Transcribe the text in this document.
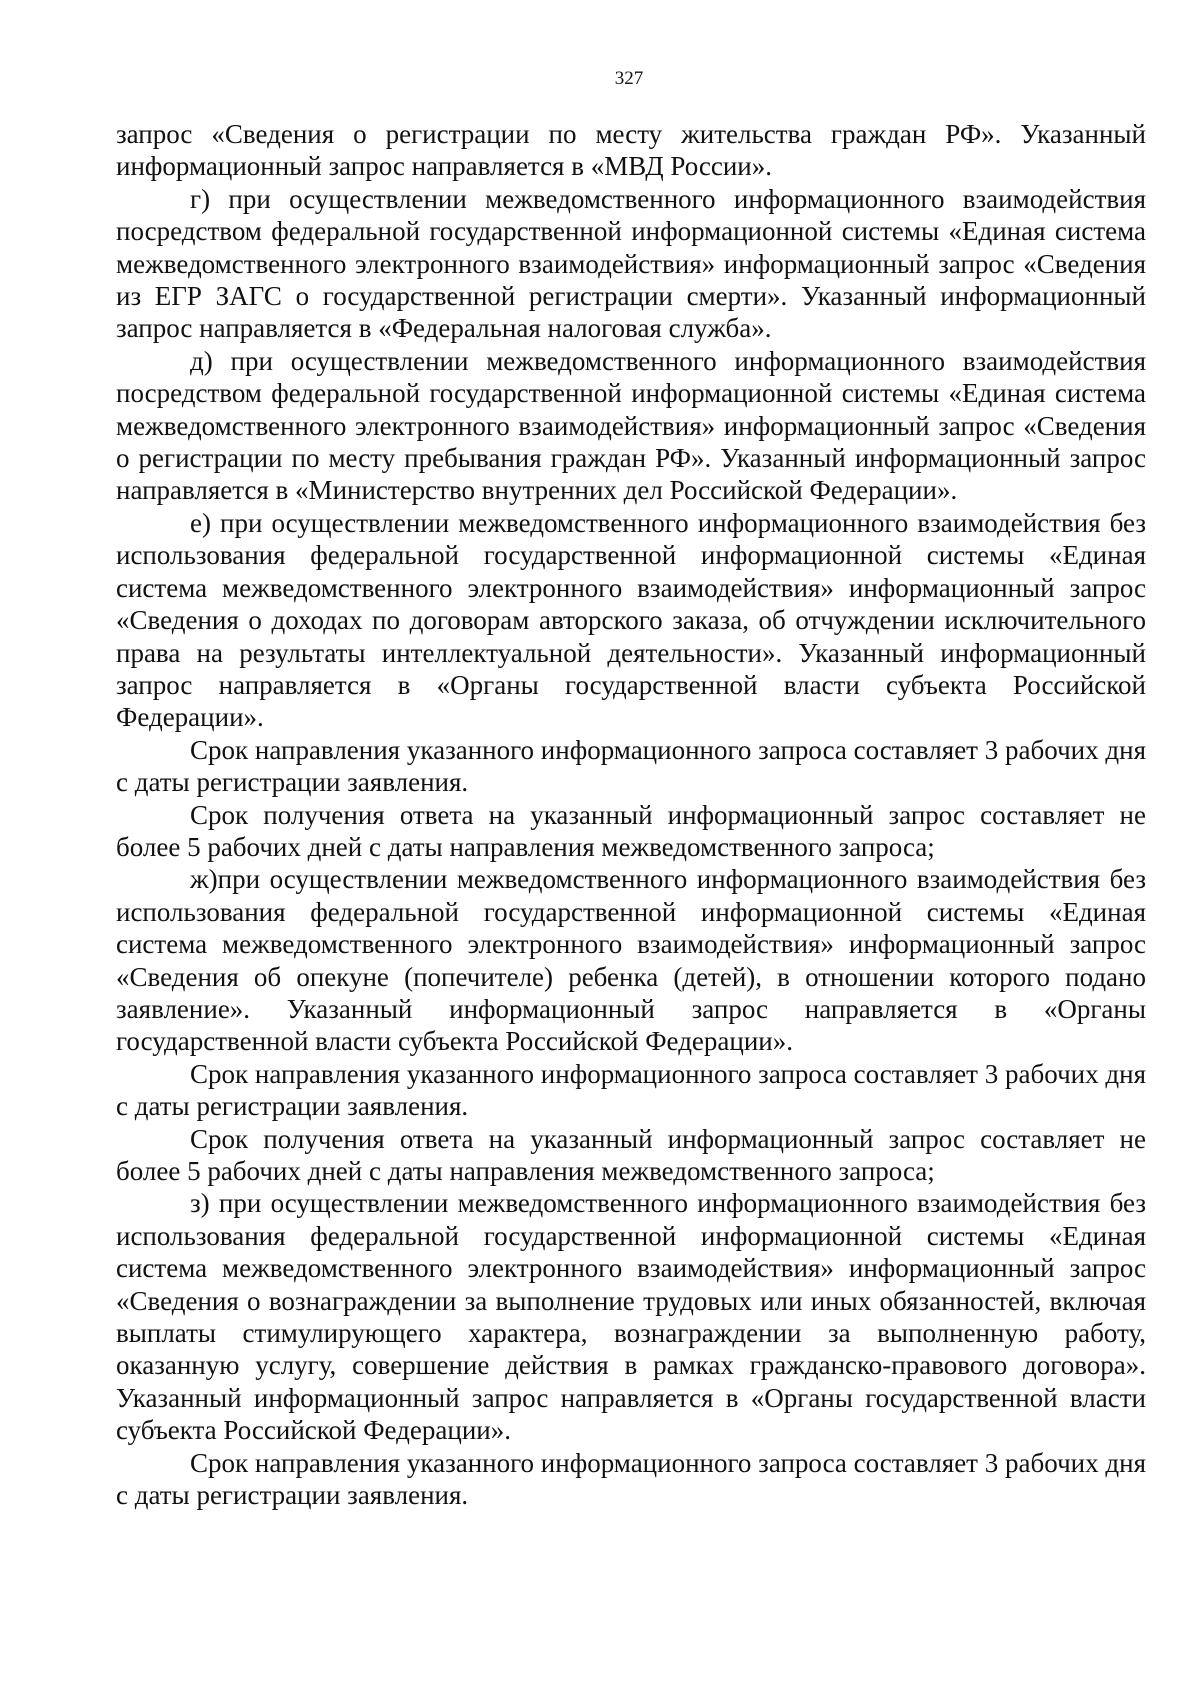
327

запрос «Сведения о регистрации по месту жительства граждан РФ». Указанный информационный запрос направляется в «МВД России».

г) при осуществлении межведомственного информационного взаимодействия посредством федеральной государственной информационной системы «Единая система межведомственного электронного взаимодействия» информационный запрос «Сведения из ЕГР ЗАГС о государственной регистрации смерти». Указанный информационный запрос направляется в «Федеральная налоговая служба».

д) при осуществлении межведомственного информационного взаимодействия посредством федеральной государственной информационной системы «Единая система межведомственного электронного взаимодействия» информационный запрос «Сведения о регистрации по месту пребывания граждан РФ». Указанный информационный запрос направляется в «Министерство внутренних дел Российской Федерации».

е) при осуществлении межведомственного информационного взаимодействия без использования федеральной государственной информационной системы «Единая система межведомственного электронного взаимодействия» информационный запрос «Сведения о доходах по договорам авторского заказа, об отчуждении исключительного права на результаты интеллектуальной деятельности». Указанный информационный запрос направляется в «Органы государственной власти субъекта Российской Федерации».

Срок направления указанного информационного запроса составляет 3 рабочих дня с даты регистрации заявления.

Срок получения ответа на указанный информационный запрос составляет не более 5 рабочих дней с даты направления межведомственного запроса;

ж)при осуществлении межведомственного информационного взаимодействия без использования федеральной государственной информационной системы «Единая система межведомственного электронного взаимодействия» информационный запрос «Сведения об опекуне (попечителе) ребенка (детей), в отношении которого подано заявление». Указанный информационный запрос направляется в «Органы государственной власти субъекта Российской Федерации».

Срок направления указанного информационного запроса составляет 3 рабочих дня с даты регистрации заявления.

Срок получения ответа на указанный информационный запрос составляет не более 5 рабочих дней с даты направления межведомственного запроса;

з) при осуществлении межведомственного информационного взаимодействия без использования федеральной государственной информационной системы «Единая система межведомственного электронного взаимодействия» информационный запрос «Сведения о вознаграждении за выполнение трудовых или иных обязанностей, включая выплаты стимулирующего характера, вознаграждении за выполненную работу, оказанную услугу, совершение действия в рамках гражданско-правового договора». Указанный информационный запрос направляется в «Органы государственной власти субъекта Российской Федерации».

Срок направления указанного информационного запроса составляет 3 рабочих дня с даты регистрации заявления.
